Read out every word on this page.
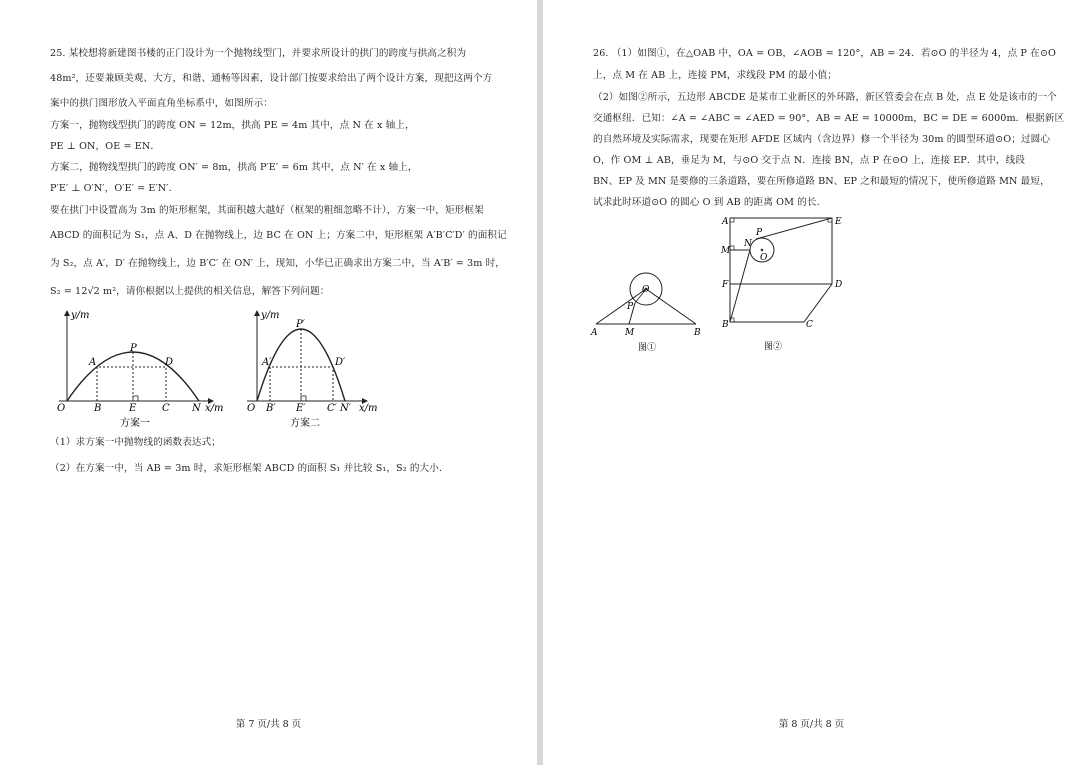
25. 某校想将新建图书楼的正门设计为一个抛物线型门，并要求所设计的拱门的跨度与拱高之积为
48m²，还要兼顾美观、大方，和谐、通畅等因素，设计部门按要求给出了两个设计方案，现把这两个方
案中的拱门图形放入平面直角坐标系中，如图所示：
方案一，抛物线型拱门的跨度 ON = 12m，拱高 PE = 4m 其中，点 N 在 x 轴上，
PE ⊥ ON，OE = EN．
方案二，抛物线型拱门的跨度 ON′ = 8m，拱高 P′E′ = 6m 其中，点 N′ 在 x 轴上，
P′E′ ⊥ O′N′，O′E′ = E′N′．
要在拱门中设置高为 3m 的矩形框架，其面积越大越好（框架的粗细忽略不计），方案一中，矩形框架
ABCD 的面积记为 S₁，点 A、D 在抛物线上，边 BC 在 ON 上；方案二中，矩形框架 A′B′C′D′ 的面积记
为 S₂，点 A′，D′ 在抛物线上，边 B′C′ 在 ON′ 上，现知，小华已正确求出方案二中，当 A′B′ = 3m 时，
S₂ = 12√2 m²，请你根据以上提供的相关信息，解答下列问题：
y/m
x/m
O	B	E	C N
A
P
D
方案一
y/m
x/m
O B′ E′ C′ N′
A′
P′
D′
方案二
（1）求方案一中抛物线的函数表达式；
（2）在方案一中，当 AB = 3m 时，求矩形框架 ABCD 的面积 S₁ 并比较 S₁，S₂ 的大小.
第 7 页/共 8 页
26. （1）如图①，在△OAB 中，OA = OB，∠AOB = 120°，AB = 24．若⊙O 的半径为 4，点 P 在⊙O
上，点 M 在 AB 上，连接 PM，求线段 PM 的最小值；
（2）如图②所示，五边形 ABCDE 是某市工业新区的外环路，新区管委会在点 B 处，点 E 处是该市的一个
交通枢纽．已知：∠A = ∠ABC = ∠AED = 90°，AB = AE = 10000m，BC = DE = 6000m．根据新区
的自然环境及实际需求，现要在矩形 AFDE 区域内（含边界）修一个半径为 30m 的圆型环道⊙O；过圆心
O，作 OM ⊥ AB，垂足为 M，与⊙O 交于点 N．连接 BN，点 P 在⊙O 上，连接 EP．其中，线段
BN、EP 及 MN 是要修的三条道路，要在所修道路 BN、EP 之和最短的情况下，使所修道路 MN 最短，
试求此时环道⊙O 的圆心 O 到 AB 的距离 OM 的长.
O
P
A	M	B
图①
A	E
P
M
N
O
F	D
B	C
图②
第 8 页/共 8 页
